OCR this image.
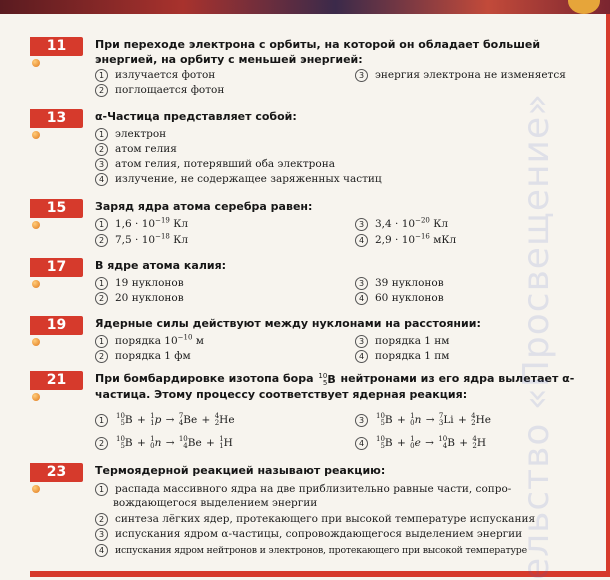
11	При переходе электрона с орбиты, на которой он обладает большей энергией, на орбиту с меньшей энергией:
1 излучается фотон
2 поглощается фотон
3 энергия электрона не изменяется
13	α-Частица представляет собой:
1 электрон
2 атом гелия
3 атом гелия, потерявший оба электрона
4 излучение, не содержащее заряженных частиц
15	Заряд ядра атома серебра равен:
1 $1,6 \cdot 10^{-19}$ Кл
2 $7,5 \cdot 10^{-18}$ Кл
3 $3,4 \cdot 10^{-20}$ Кл
4 $2,9 \cdot 10^{-16}$ мКл
17	В ядре атома калия:
1 19 нуклонов
2 20 нуклонов
3 39 нуклонов
4 60 нуклонов
19	Ядерные силы действуют между нуклонами на расстоянии:
1 порядка $10^{-10}$ м
2 порядка 1 фм
3 порядка 1 нм
4 порядка 1 пм
21	При бомбардировке изотопа бора 10
5 B нейтронами из его ядра вылетает α-частица. Этому процессу соответствует ядерная реакция:
1 10
5 B + 1
1 p → 7
4 Be + 4
2 He
2 10
5 B + 1
0 n → 10
4 Be + 1
1 H
3 10
5 B + 1
0 n → 7
3 Li + 4
2 He
4 10
5 B + 1
0 e → 10
4 B + 4
2 H
23	Термоядерной реакцией называют реакцию:
1 распада массивного ядра на две приблизительно равные части, сопро-
вождающегося выделением энергии
2 синтеза лёгких ядер, протекающего при высокой температуре испускания
3 испускания ядром α-частицы, сопровождающегося выделением энергии
4 испускания ядром нейтронов и электронов, протекающего при высокой температуре
ельство «Просвещение»
